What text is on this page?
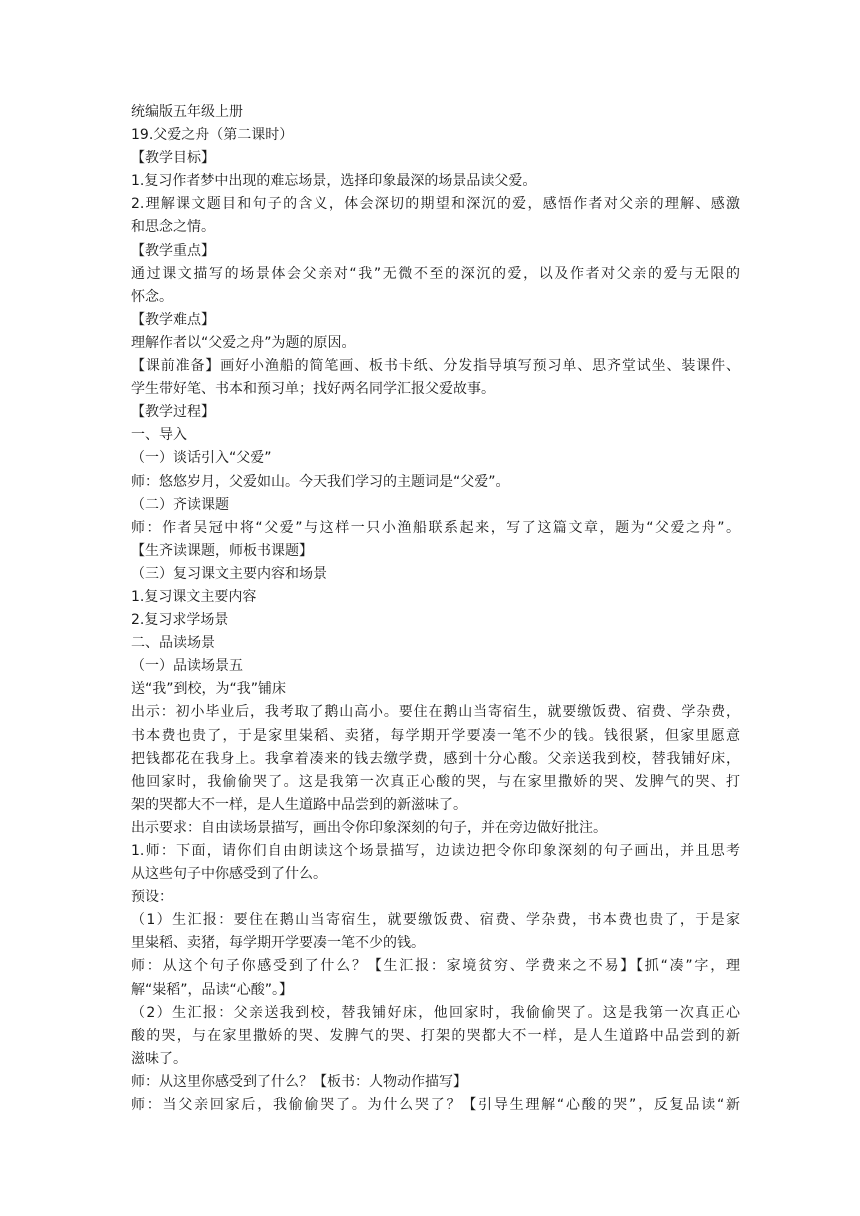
统编版五年级上册
19.父爱之舟（第二课时）
【教学目标】
1.复习作者梦中出现的难忘场景，选择印象最深的场景品读父爱。
2.理解课文题目和句子的含义，体会深切的期望和深沉的爱，感悟作者对父亲的理解、感激
和思念之情。
【教学重点】
通过课文描写的场景体会父亲对“我”无微不至的深沉的爱，以及作者对父亲的爱与无限的
怀念。
【教学难点】
理解作者以“父爱之舟”为题的原因。
【课前准备】画好小渔船的简笔画、板书卡纸、分发指导填写预习单、思齐堂试坐、装课件、
学生带好笔、书本和预习单；找好两名同学汇报父爱故事。
【教学过程】
一、导入
（一）谈话引入“父爱”
师：悠悠岁月，父爱如山。今天我们学习的主题词是“父爱”。
（二）齐读课题
师：作者吴冠中将“父爱”与这样一只小渔船联系起来，写了这篇文章，题为“父爱之舟”。
【生齐读课题，师板书课题】
（三）复习课文主要内容和场景
1.复习课文主要内容
2.复习求学场景
二、品读场景
（一）品读场景五
送“我”到校，为“我”铺床
出示：初小毕业后，我考取了鹅山高小。要住在鹅山当寄宿生，就要缴饭费、宿费、学杂费，
书本费也贵了，于是家里粜稻、卖猪，每学期开学要凑一笔不少的钱。钱很紧，但家里愿意
把钱都花在我身上。我拿着凑来的钱去缴学费，感到十分心酸。父亲送我到校，替我铺好床，
他回家时，我偷偷哭了。这是我第一次真正心酸的哭，与在家里撒娇的哭、发脾气的哭、打
架的哭都大不一样，是人生道路中品尝到的新滋味了。
出示要求：自由读场景描写，画出令你印象深刻的句子，并在旁边做好批注。
1.师：下面，请你们自由朗读这个场景描写，边读边把令你印象深刻的句子画出，并且思考
从这些句子中你感受到了什么。
预设：
（1）生汇报：要住在鹅山当寄宿生，就要缴饭费、宿费、学杂费，书本费也贵了，于是家
里粜稻、卖猪，每学期开学要凑一笔不少的钱。
师：从这个句子你感受到了什么？【生汇报：家境贫穷、学费来之不易】【抓“凑”字，理
解“粜稻”，品读“心酸”。】
（2）生汇报：父亲送我到校，替我铺好床，他回家时，我偷偷哭了。这是我第一次真正心
酸的哭，与在家里撒娇的哭、发脾气的哭、打架的哭都大不一样，是人生道路中品尝到的新
滋味了。
师：从这里你感受到了什么？【板书：人物动作描写】
师：当父亲回家后，我偷偷哭了。为什么哭了？【引导生理解“心酸的哭”，反复品读“新
